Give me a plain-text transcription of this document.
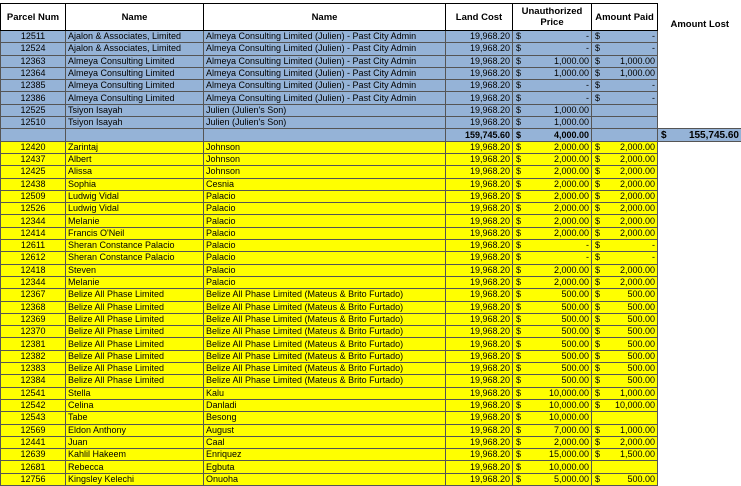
Parcel Num	Name	Name	Land Cost	Unauthorized Price	Amount Paid	Amount Lost
12511	Ajalon & Associates, Limited	Almeya Consulting Limited (Julien) - Past City Admin	19,968.20	$ -	$ -	

12524	Ajalon & Associates, Limited	Almeya Consulting Limited (Julien) - Past City Admin	19,968.20	$ -	$ -	

12363	Almeya Consulting Limited	Almeya Consulting Limited (Julien) - Past City Admin	19,968.20	$ 1,000.00	$ 1,000.00	

12364	Almeya Consulting Limited	Almeya Consulting Limited (Julien) - Past City Admin	19,968.20	$ 1,000.00	$ 1,000.00	

12385	Almeya Consulting Limited	Almeya Consulting Limited (Julien) - Past City Admin	19,968.20	$ -	$ -	

12386	Almeya Consulting Limited	Almeya Consulting Limited (Julien) - Past City Admin	19,968.20	$ -	$ -	

12525	Tsiyon Isayah	Julien (Julien's Son)	19,968.20	$ 1,000.00		

12510	Tsiyon Isayah	Julien (Julien's Son)	19,968.20	$ 1,000.00		

			159,745.60	$ 4,000.00		$ 155,745.60

12420	Zarintaj	Johnson	19,968.20	$ 2,000.00	$ 2,000.00	

12437	Albert	Johnson	19,968.20	$ 2,000.00	$ 2,000.00	

12425	Alissa	Johnson	19,968.20	$ 2,000.00	$ 2,000.00	

12438	Sophia	Cesnia	19,968.20	$ 2,000.00	$ 2,000.00	

12509	Ludwig Vidal	Palacio	19,968.20	$ 2,000.00	$ 2,000.00	

12526	Ludwig Vidal	Palacio	19,968.20	$ 2,000.00	$ 2,000.00	

12344	Melanie	Palacio	19,968.20	$ 2,000.00	$ 2,000.00	

12414	Francis O'Neil	Palacio	19,968.20	$ 2,000.00	$ 2,000.00	

12611	Sheran Constance Palacio	Palacio	19,968.20	$ -	$ -	

12612	Sheran Constance Palacio	Palacio	19,968.20	$ -	$ -	

12418	Steven	Palacio	19,968.20	$ 2,000.00	$ 2,000.00	

12344	Melanie	Palacio	19,968.20	$ 2,000.00	$ 2,000.00	

12367	Belize All Phase Limited	Belize All Phase Limited (Mateus & Brito Furtado)	19,968.20	$ 500.00	$ 500.00	

12368	Belize All Phase Limited	Belize All Phase Limited (Mateus & Brito Furtado)	19,968.20	$ 500.00	$ 500.00	

12369	Belize All Phase Limited	Belize All Phase Limited (Mateus & Brito Furtado)	19,968.20	$ 500.00	$ 500.00	

12370	Belize All Phase Limited	Belize All Phase Limited (Mateus & Brito Furtado)	19,968.20	$ 500.00	$ 500.00	

12381	Belize All Phase Limited	Belize All Phase Limited (Mateus & Brito Furtado)	19,968.20	$ 500.00	$ 500.00	

12382	Belize All Phase Limited	Belize All Phase Limited (Mateus & Brito Furtado)	19,968.20	$ 500.00	$ 500.00	

12383	Belize All Phase Limited	Belize All Phase Limited (Mateus & Brito Furtado)	19,968.20	$ 500.00	$ 500.00	

12384	Belize All Phase Limited	Belize All Phase Limited (Mateus & Brito Furtado)	19,968.20	$ 500.00	$ 500.00	

12541	Stella	Kalu	19,968.20	$ 10,000.00	$ 1,000.00	

12542	Celina	Danladi	19,968.20	$ 10,000.00	$ 10,000.00	

12543	Tabe	Besong	19,968.20	$ 10,000.00		

12569	Eldon Anthony	August	19,968.20	$ 7,000.00	$ 1,000.00	

12441	Juan	Caal	19,968.20	$ 2,000.00	$ 2,000.00	

12639	Kahlil Hakeem	Enriquez	19,968.20	$ 15,000.00	$ 1,500.00	

12681	Rebecca	Egbuta	19,968.20	$ 10,000.00		

12756	Kingsley Kelechi	Onuoha	19,968.20	$ 5,000.00	$ 500.00	
